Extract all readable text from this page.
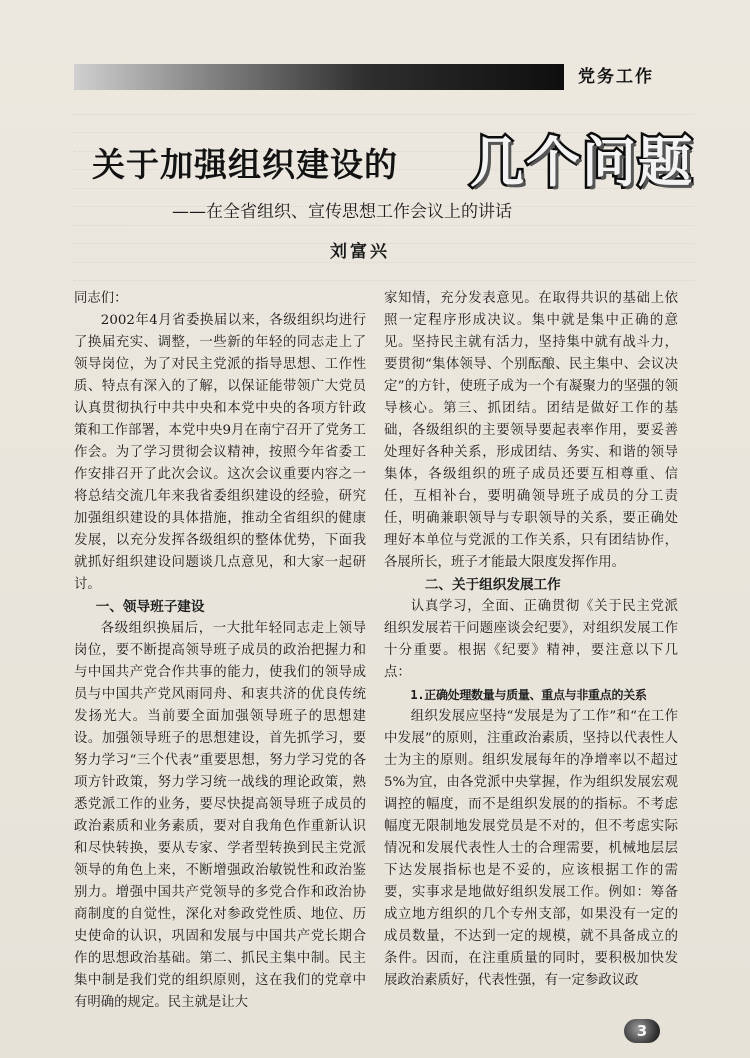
党务工作
关于加强组织建设的 几个问题
——在全省组织、宣传思想工作会议上的讲话
刘富兴

同志们：

2002年4月省委换届以来，各级组织均进行了换届充实、调整，一些新的年轻的同志走上了领导岗位，为了对民主党派的指导思想、工作性质、特点有深入的了解，以保证能带领广大党员认真贯彻执行中共中央和本党中央的各项方针政策和工作部署，本党中央9月在南宁召开了党务工作会。为了学习贯彻会议精神，按照今年省委工作安排召开了此次会议。这次会议重要内容之一将总结交流几年来我省委组织建设的经验，研究加强组织建设的具体措施，推动全省组织的健康发展，以充分发挥各级组织的整体优势，下面我就抓好组织建设问题谈几点意见，和大家一起研讨。

一、领导班子建设

各级组织换届后，一大批年轻同志走上领导岗位，要不断提高领导班子成员的政治把握力和与中国共产党合作共事的能力，使我们的领导成员与中国共产党风雨同舟、和衷共济的优良传统发扬光大。当前要全面加强领导班子的思想建设。加强领导班子的思想建设，首先抓学习，要努力学习“三个代表”重要思想，努力学习党的各项方针政策，努力学习统一战线的理论政策，熟悉党派工作的业务，要尽快提高领导班子成员的政治素质和业务素质，要对自我角色作重新认识和尽快转换，要从专家、学者型转换到民主党派领导的角色上来，不断增强政治敏锐性和政治鉴别力。增强中国共产党领导的多党合作和政治协商制度的自觉性，深化对参政党性质、地位、历史使命的认识，巩固和发展与中国共产党长期合作的思想政治基础。第二、抓民主集中制。民主集中制是我们党的组织原则，这在我们的党章中有明确的规定。民主就是让大

家知情，充分发表意见。在取得共识的基础上依照一定程序形成决议。集中就是集中正确的意见。坚持民主就有活力，坚持集中就有战斗力，要贯彻“集体领导、个别酝酿、民主集中、会议决定”的方针，使班子成为一个有凝聚力的坚强的领导核心。第三、抓团结。团结是做好工作的基础，各级组织的主要领导要起表率作用，要妥善处理好各种关系，形成团结、务实、和谐的领导集体，各级组织的班子成员还要互相尊重、信任，互相补台，要明确领导班子成员的分工责任，明确兼职领导与专职领导的关系，要正确处理好本单位与党派的工作关系，只有团结协作，各展所长，班子才能最大限度发挥作用。

二、关于组织发展工作

认真学习，全面、正确贯彻《关于民主党派组织发展若干问题座谈会纪要》，对组织发展工作十分重要。根据《纪要》精神，要注意以下几点：

1.正确处理数量与质量、重点与非重点的关系

组织发展应坚持“发展是为了工作”和“在工作中发展”的原则，注重政治素质，坚持以代表性人士为主的原则。组织发展每年的净增率以不超过5%为宜，由各党派中央掌握，作为组织发展宏观调控的幅度，而不是组织发展的的指标。不考虑幅度无限制地发展党员是不对的，但不考虑实际情况和发展代表性人士的合理需要，机械地层层下达发展指标也是不妥的，应该根据工作的需要，实事求是地做好组织发展工作。例如：筹备成立地方组织的几个专州支部，如果没有一定的成员数量，不达到一定的规模，就不具备成立的条件。因而，在注重质量的同时，要积极加快发展政治素质好，代表性强，有一定参政议政

3
